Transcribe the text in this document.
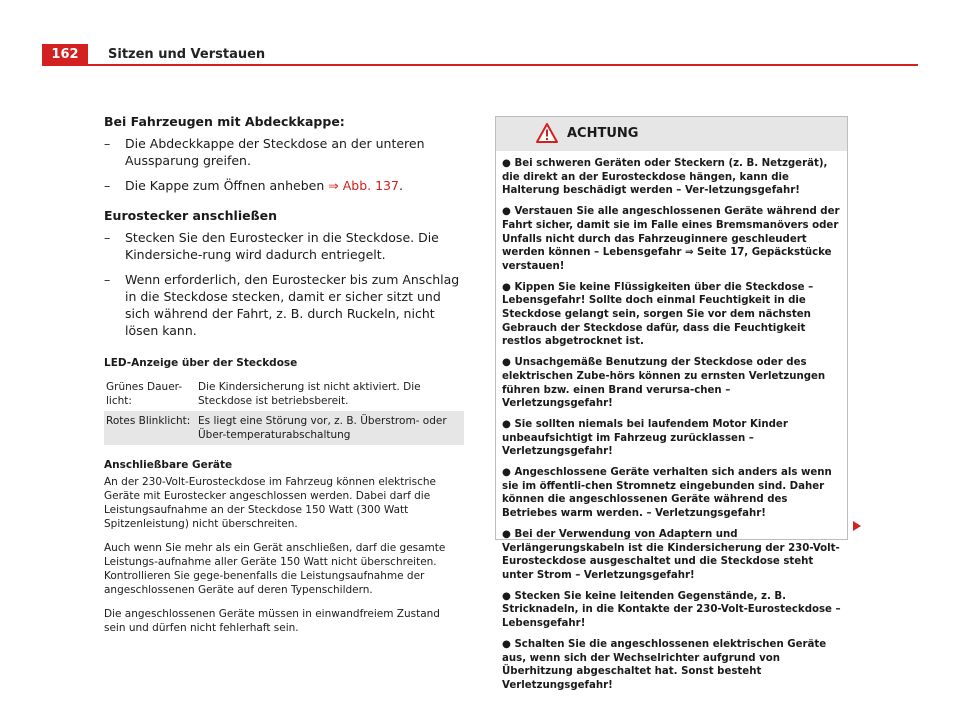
162	Sitzen und Verstauen
Bei Fahrzeugen mit Abdeckkappe:
–	Die Abdeckkappe der Steckdose an der unteren Aussparung greifen.
–	Die Kappe zum Öffnen anheben ⇒ Abb. 137.
Eurostecker anschließen
–	Stecken Sie den Eurostecker in die Steckdose. Die Kindersiche-rung wird dadurch entriegelt.
–	Wenn erforderlich, den Eurostecker bis zum Anschlag in die Steckdose stecken, damit er sicher sitzt und sich während der Fahrt, z. B. durch Ruckeln, nicht lösen kann.
LED-Anzeige über der Steckdose
Grünes Dauer-licht:	Die Kindersicherung ist nicht aktiviert. Die Steckdose ist betriebsbereit.
Rotes Blinklicht:	Es liegt eine Störung vor, z. B. Überstrom- oder Über-temperaturabschaltung
Anschließbare Geräte

An der 230-Volt-Eurosteckdose im Fahrzeug können elektrische Geräte mit Eurostecker angeschlossen werden. Dabei darf die Leistungsaufnahme an der Steckdose 150 Watt (300 Watt Spitzenleistung) nicht überschreiten.

Auch wenn Sie mehr als ein Gerät anschließen, darf die gesamte Leistungs-aufnahme aller Geräte 150 Watt nicht überschreiten. Kontrollieren Sie gege-benenfalls die Leistungsaufnahme der angeschlossenen Geräte auf deren Typenschildern.

Die angeschlossenen Geräte müssen in einwandfreiem Zustand sein und dürfen nicht fehlerhaft sein.

ACHTUNG
● Bei schweren Geräten oder Steckern (z. B. Netzgerät), die direkt an der Eurosteckdose hängen, kann die Halterung beschädigt werden – Ver-letzungsgefahr!
● Verstauen Sie alle angeschlossenen Geräte während der Fahrt sicher, damit sie im Falle eines Bremsmanövers oder Unfalls nicht durch das Fahrzeuginnere geschleudert werden können – Lebensgefahr ⇒ Seite 17, Gepäckstücke verstauen!
● Kippen Sie keine Flüssigkeiten über die Steckdose – Lebensgefahr! Sollte doch einmal Feuchtigkeit in die Steckdose gelangt sein, sorgen Sie vor dem nächsten Gebrauch der Steckdose dafür, dass die Feuchtigkeit restlos abgetrocknet ist.
● Unsachgemäße Benutzung der Steckdose oder des elektrischen Zube-hörs können zu ernsten Verletzungen führen bzw. einen Brand verursa-chen – Verletzungsgefahr!
● Sie sollten niemals bei laufendem Motor Kinder unbeaufsichtigt im Fahrzeug zurücklassen – Verletzungsgefahr!
● Angeschlossene Geräte verhalten sich anders als wenn sie im öffentli-chen Stromnetz eingebunden sind. Daher können die angeschlossenen Geräte während des Betriebes warm werden. – Verletzungsgefahr!
● Bei der Verwendung von Adaptern und Verlängerungskabeln ist die Kindersicherung der 230-Volt-Eurosteckdose ausgeschaltet und die Steckdose steht unter Strom – Verletzungsgefahr!
● Stecken Sie keine leitenden Gegenstände, z. B. Stricknadeln, in die Kontakte der 230-Volt-Eurosteckdose – Lebensgefahr!
● Schalten Sie die angeschlossenen elektrischen Geräte aus, wenn sich der Wechselrichter aufgrund von Überhitzung abgeschaltet hat. Sonst besteht Verletzungsgefahr!
